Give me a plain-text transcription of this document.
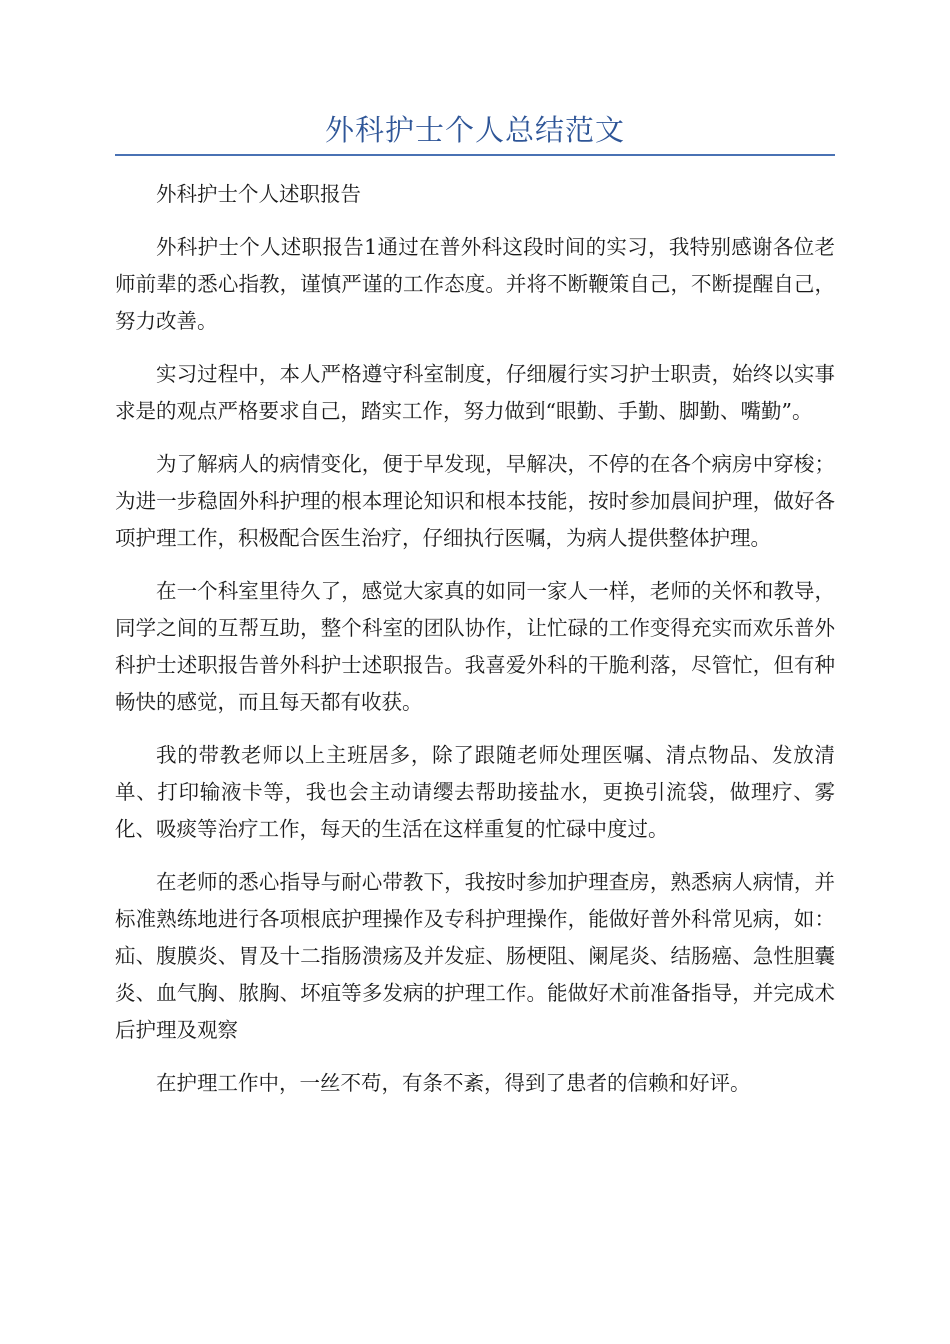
外科护士个人总结范文

外科护士个人述职报告

外科护士个人述职报告1通过在普外科这段时间的实习，我特别感谢各位老师前辈的悉心指教，谨慎严谨的工作态度。并将不断鞭策自己，不断提醒自己，努力改善。

实习过程中，本人严格遵守科室制度，仔细履行实习护士职责，始终以实事求是的观点严格要求自己，踏实工作，努力做到“眼勤、手勤、脚勤、嘴勤”。

为了解病人的病情变化，便于早发现，早解决，不停的在各个病房中穿梭；为进一步稳固外科护理的根本理论知识和根本技能，按时参加晨间护理，做好各项护理工作，积极配合医生治疗，仔细执行医嘱，为病人提供整体护理。

在一个科室里待久了，感觉大家真的如同一家人一样，老师的关怀和教导，同学之间的互帮互助，整个科室的团队协作，让忙碌的工作变得充实而欢乐普外科护士述职报告普外科护士述职报告。我喜爱外科的干脆利落，尽管忙，但有种畅快的感觉，而且每天都有收获。

我的带教老师以上主班居多，除了跟随老师处理医嘱、清点物品、发放清单、打印输液卡等，我也会主动请缨去帮助接盐水，更换引流袋，做理疗、雾化、吸痰等治疗工作，每天的生活在这样重复的忙碌中度过。

在老师的悉心指导与耐心带教下，我按时参加护理查房，熟悉病人病情，并标准熟练地进行各项根底护理操作及专科护理操作，能做好普外科常见病，如：疝、腹膜炎、胃及十二指肠溃疡及并发症、肠梗阻、阑尾炎、结肠癌、急性胆囊炎、血气胸、脓胸、坏疽等多发病的护理工作。能做好术前准备指导，并完成术后护理及观察

在护理工作中，一丝不苟，有条不紊，得到了患者的信赖和好评。
